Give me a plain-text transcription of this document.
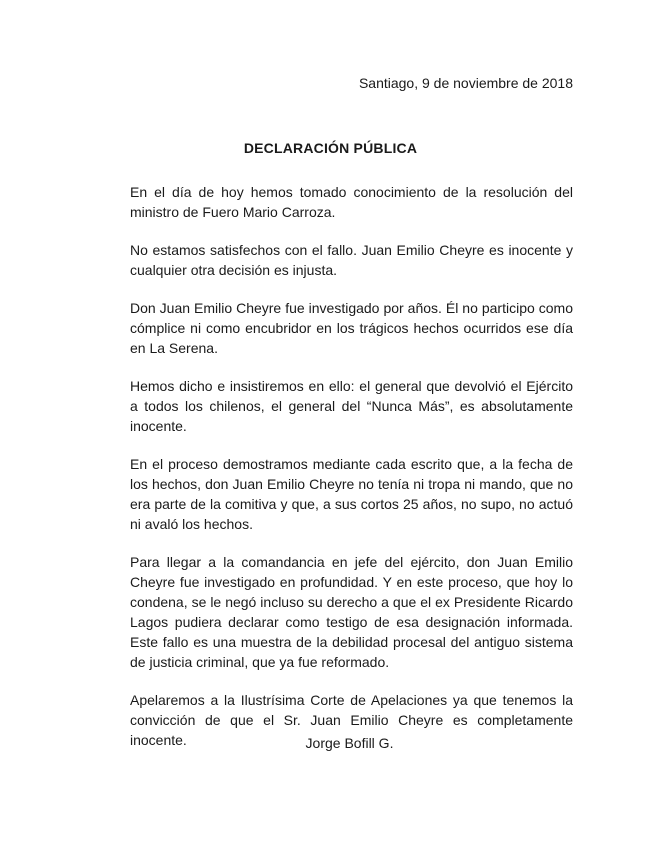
Santiago, 9 de noviembre de 2018
DECLARACIÓN PÚBLICA

En el día de hoy hemos tomado conocimiento de la resolución del ministro de Fuero Mario Carroza.

No estamos satisfechos con el fallo. Juan Emilio Cheyre es inocente y cualquier otra decisión es injusta.

Don Juan Emilio Cheyre fue investigado por años. Él no participo como cómplice ni como encubridor en los trágicos hechos ocurridos ese día en La Serena.

Hemos dicho e insistiremos en ello: el general que devolvió el Ejército a todos los chilenos, el general del “Nunca Más”, es absolutamente inocente.

En el proceso demostramos mediante cada escrito que, a la fecha de los hechos, don Juan Emilio Cheyre no tenía ni tropa ni mando, que no era parte de la comitiva y que, a sus cortos 25 años, no supo, no actuó ni avaló los hechos.

Para llegar a la comandancia en jefe del ejército, don Juan Emilio Cheyre fue investigado en profundidad. Y en este proceso, que hoy lo condena, se le negó incluso su derecho a que el ex Presidente Ricardo Lagos pudiera declarar como testigo de esa designación informada. Este fallo es una muestra de la debilidad procesal del antiguo sistema de justicia criminal, que ya fue reformado.

Apelaremos a la Ilustrísima Corte de Apelaciones ya que tenemos la convicción de que el Sr. Juan Emilio Cheyre es completamente inocente.	Jorge Bofill G.
